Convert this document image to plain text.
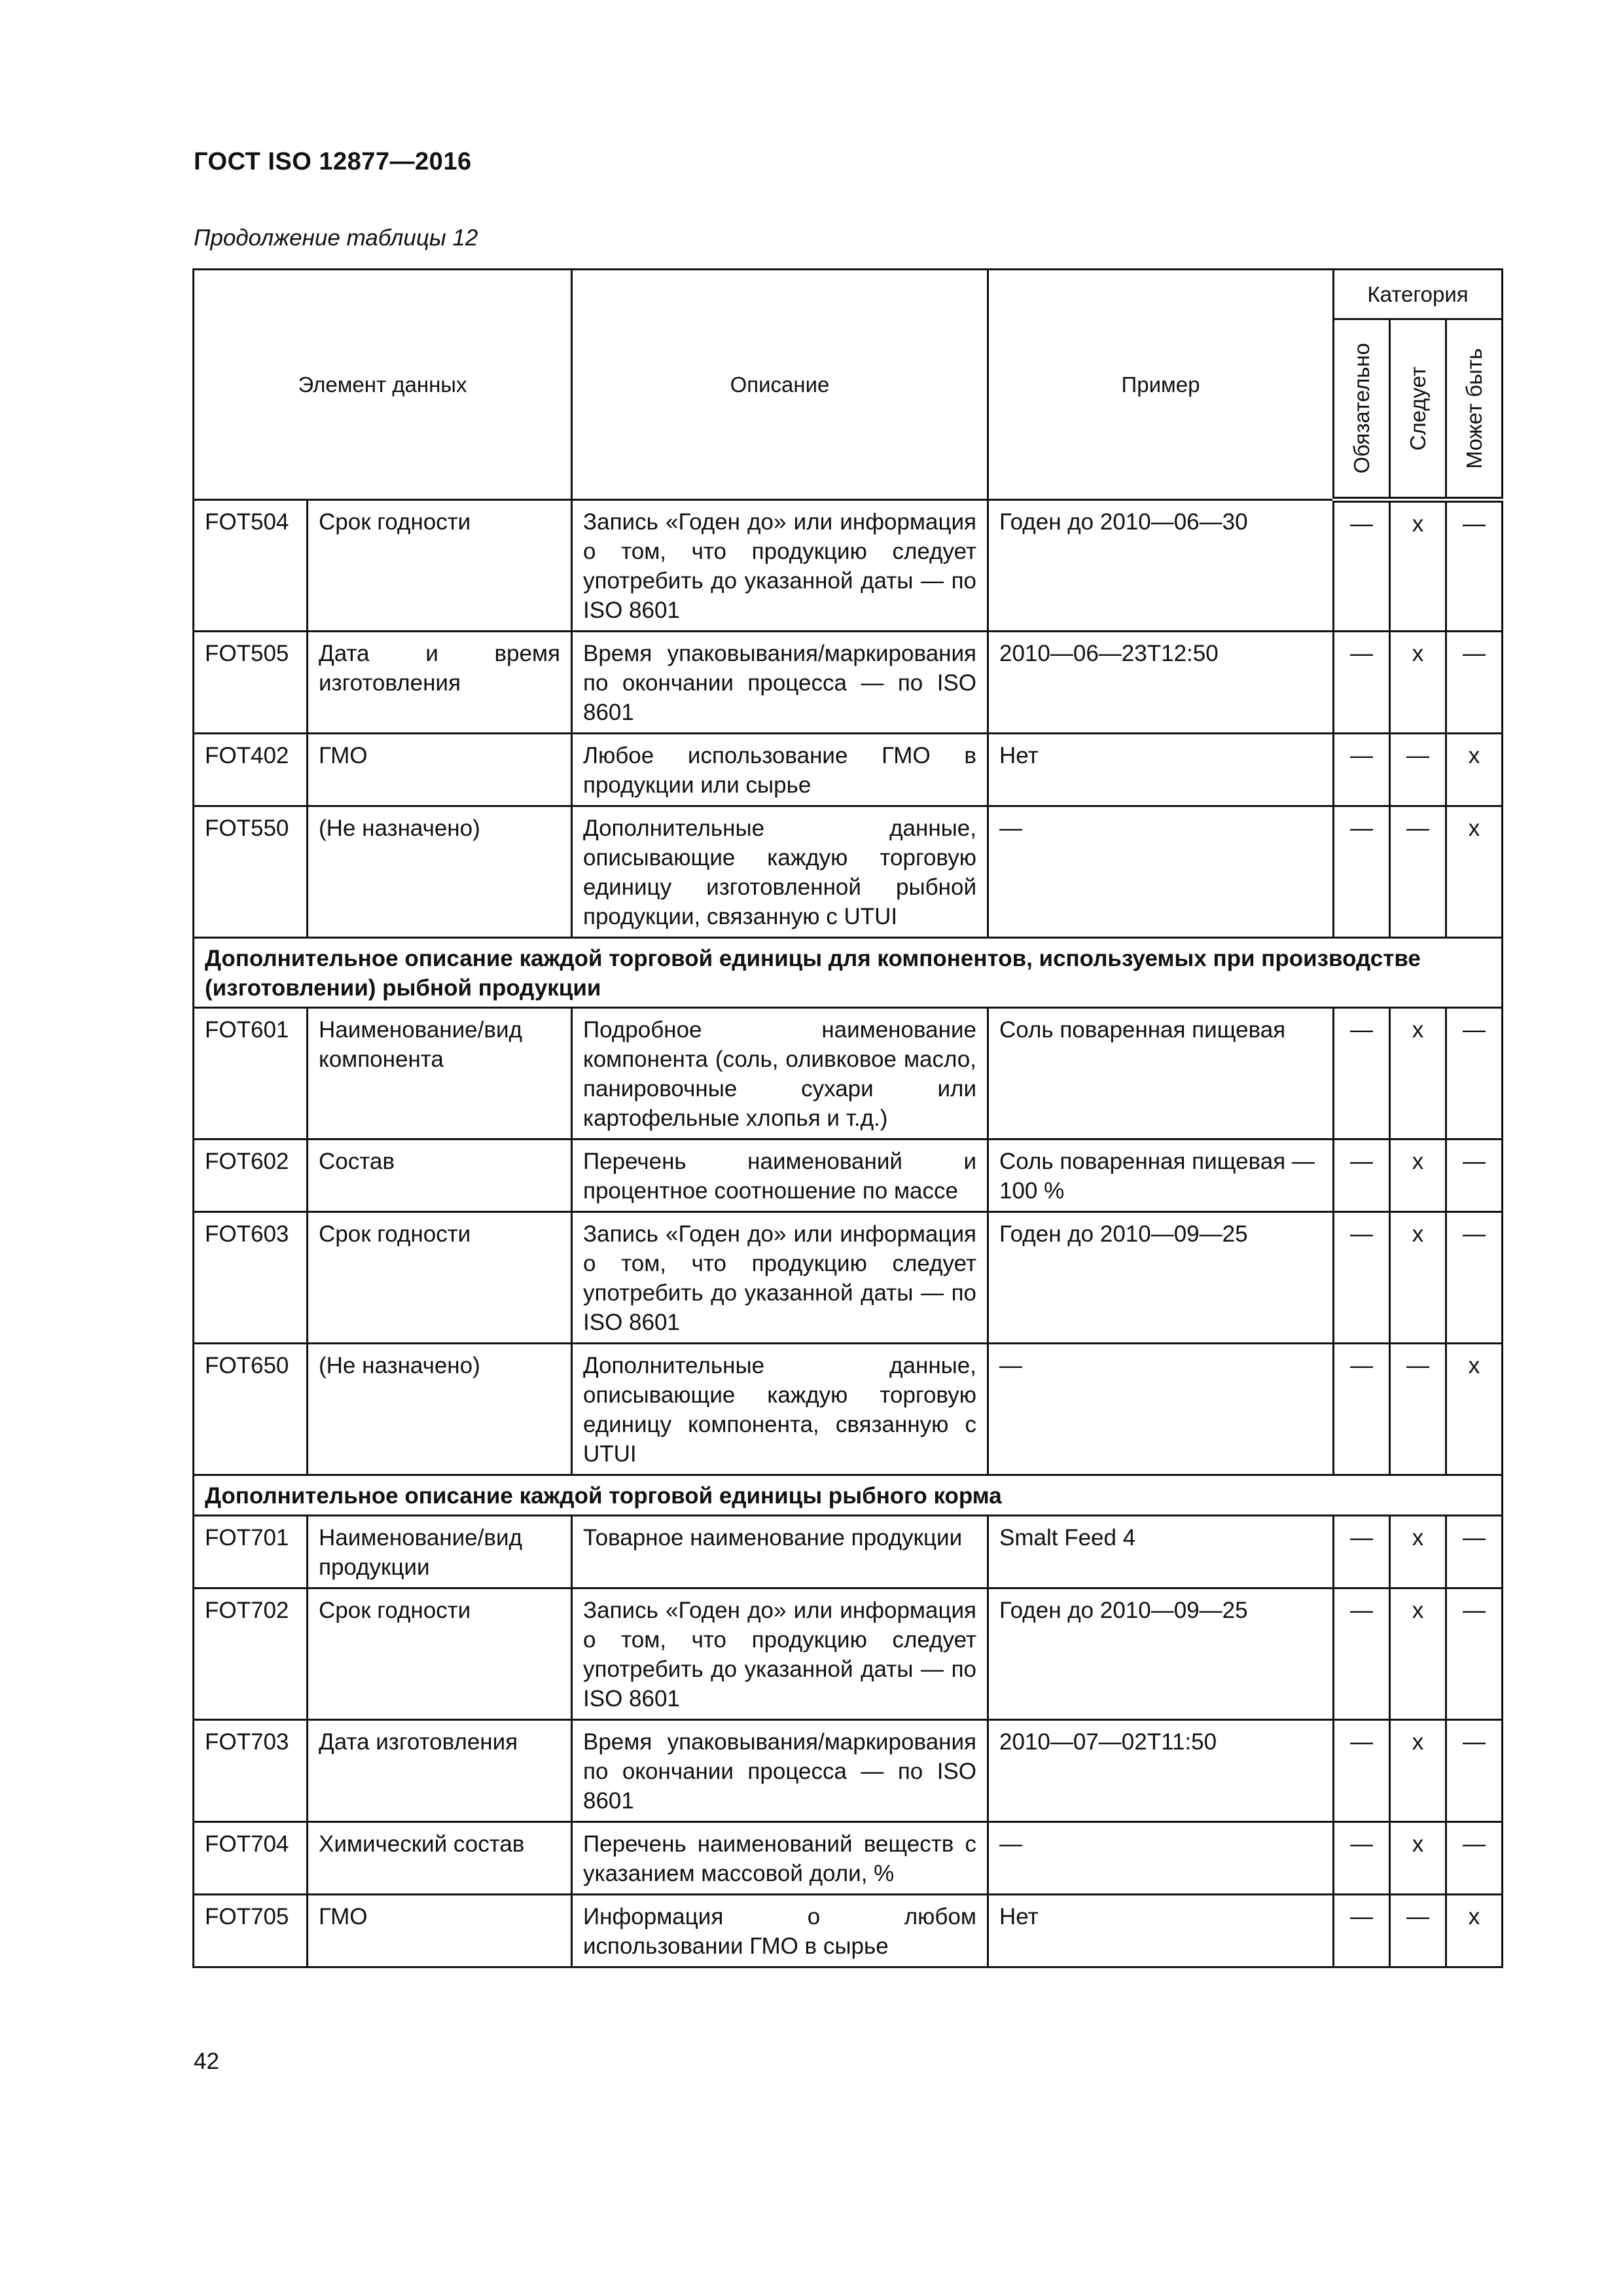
ГОСТ ISO 12877—2016
Продолжение таблицы 12
Элемент данных		Описание	Пример	Категория		

				Обязательно	Следует	Может быть

FOT504	Срок годности	Запись «Годен до» или информация о том, что продукцию следует употребить до указанной даты — по ISO 8601	Годен до 2010—06—30	—	x	—
FOT505	Дата и время изготовления	Время упаковывания/маркирования по окончании процесса — по ISO 8601	2010—06—23T12:50	—	x	—
FOT402	ГМО	Любое использование ГМО в продукции или сырье	Нет	—	—	x
FOT550	(Не назначено)	Дополнительные данные, описывающие каждую торговую единицу изготовленной рыбной продукции, связанную с UTUI	—	—	—	x
Дополнительное описание каждой торговой единицы для компонентов, используемых при производстве (изготовлении) рыбной продукции						
FOT601	Наименование/вид компонента	Подробное наименование компонента (соль, оливковое масло, панировочные сухари или картофельные хлопья и т.д.)	Соль поваренная пищевая	—	x	—
FOT602	Состав	Перечень наименований и процентное соотношение по массе	Соль поваренная пищевая — 100 %	—	x	—
FOT603	Срок годности	Запись «Годен до» или информация о том, что продукцию следует употребить до указанной даты — по ISO 8601	Годен до 2010—09—25	—	x	—
FOT650	(Не назначено)	Дополнительные данные, описывающие каждую торговую единицу компонента, связанную с UTUI	—	—	—	x
Дополнительное описание каждой торговой единицы рыбного корма						
FOT701	Наименование/вид продукции	Товарное наименование продукции	Smalt Feed 4	—	x	—
FOT702	Срок годности	Запись «Годен до» или информация о том, что продукцию следует употребить до указанной даты — по ISO 8601	Годен до 2010—09—25	—	x	—
FOT703	Дата изготовления	Время упаковывания/маркирования по окончании процесса — по ISO 8601	2010—07—02T11:50	—	x	—
FOT704	Химический состав	Перечень наименований веществ с указанием массовой доли, %	—	—	x	—
FOT705	ГМО	Информация о любом использовании ГМО в сырье	Нет	—	—	x
42
